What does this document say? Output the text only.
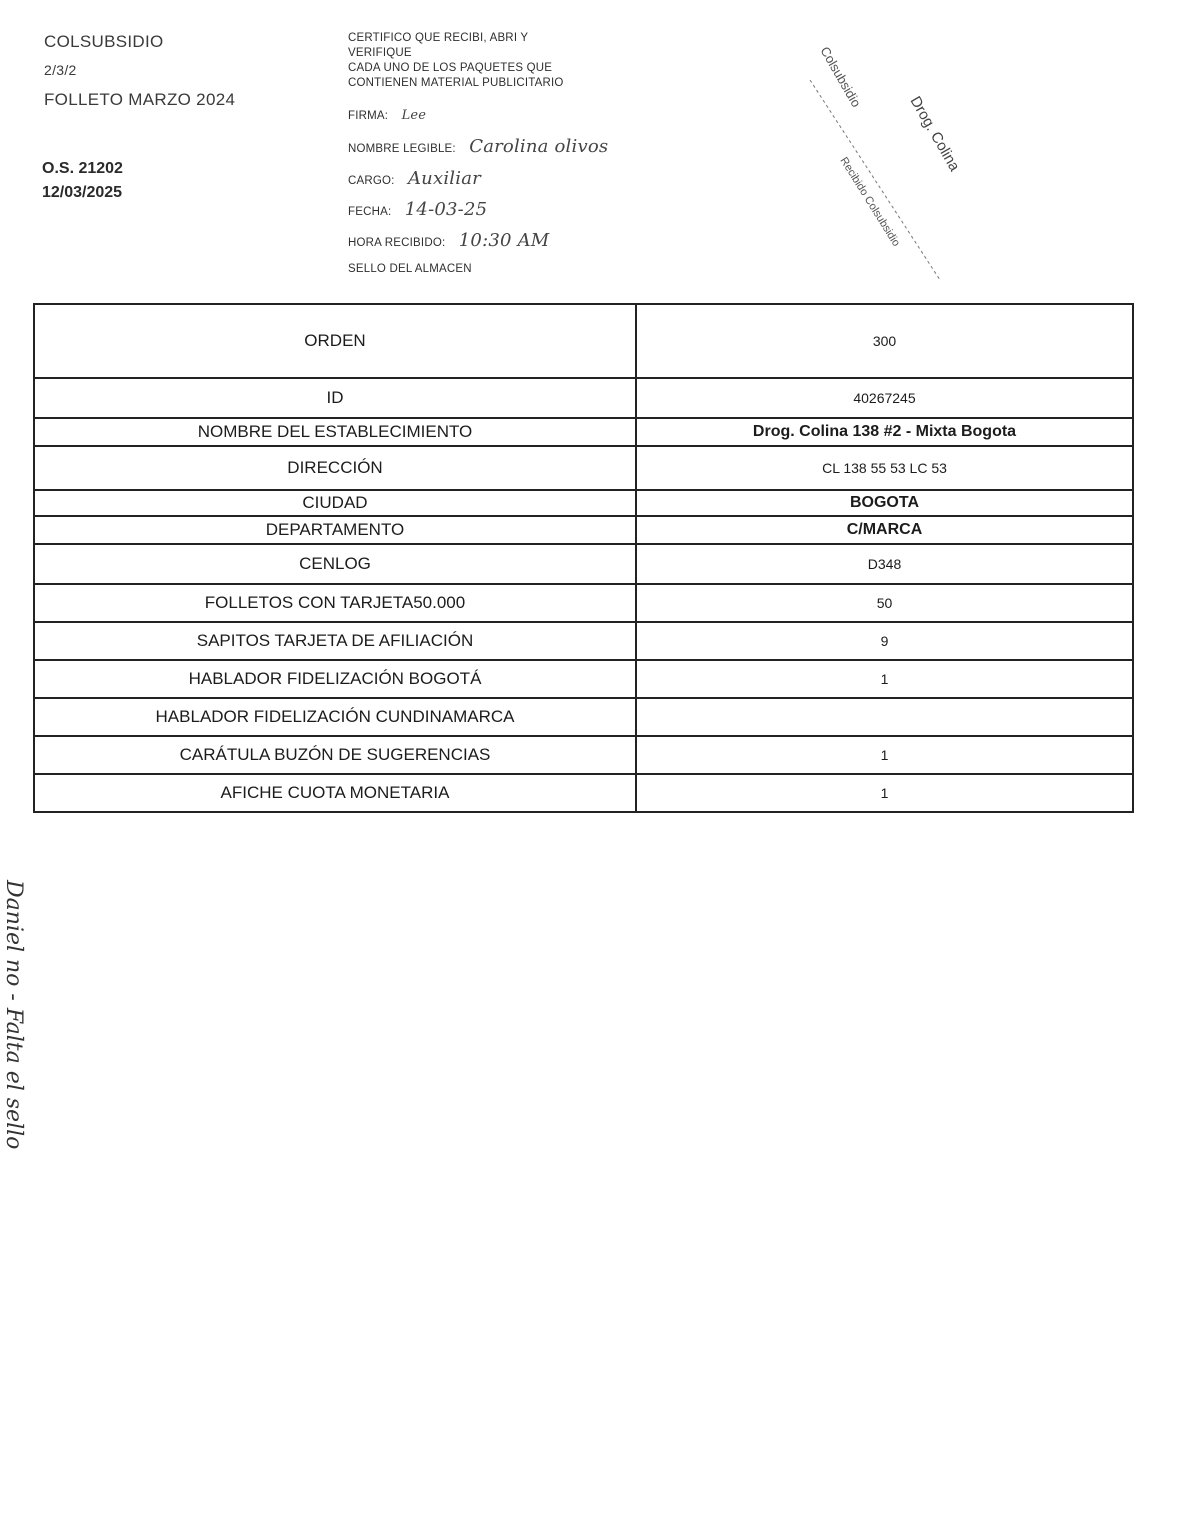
COLSUBSIDIO
2/3/2
FOLLETO MARZO 2024
O.S. 21202
12/03/2025
CERTIFICO QUE RECIBI, ABRI Y
VERIFIQUE
CADA UNO DE LOS PAQUETES QUE
CONTIENEN MATERIAL PUBLICITARIO
FIRMA: Lee
NOMBRE LEGIBLE: Carolina olivos
CARGO: Auxiliar
FECHA: 14-03-25
HORA RECIBIDO: 10:30 AM
SELLO DEL ALMACEN
Colsubsidio
Drog. Colina
Recibido Colsubsidio
ORDEN	300
ID	40267245
NOMBRE DEL ESTABLECIMIENTO	Drog. Colina 138 #2 - Mixta Bogota
DIRECCIÓN	CL 138 55 53 LC 53
CIUDAD	BOGOTA
DEPARTAMENTO	C/MARCA
CENLOG	D348
FOLLETOS CON TARJETA50.000	50
SAPITOS TARJETA DE AFILIACIÓN	9
HABLADOR FIDELIZACIÓN BOGOTÁ	1
HABLADOR FIDELIZACIÓN CUNDINAMARCA	
CARÁTULA BUZÓN DE SUGERENCIAS	1
AFICHE CUOTA MONETARIA	1
Daniel no - Falta el sello
